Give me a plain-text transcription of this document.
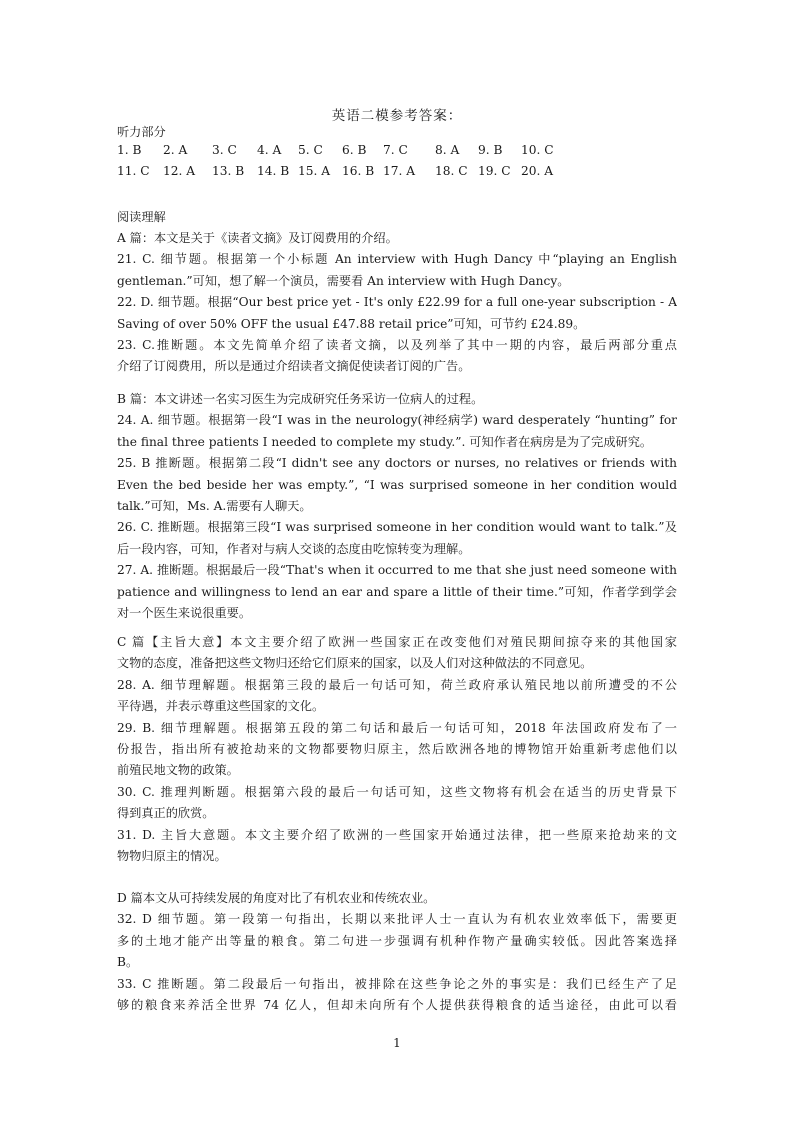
英语二模参考答案：
听力部分
1. B 2. A 3. C 4. A 5. C 6. B 7. C 8. A 9. B 10. C
11. C 12. A 13. B 14. B 15. A 16. B 17. A 18. C 19. C 20. A
阅读理解
A 篇：本文是关于《读者文摘》及订阅费用的介绍。
21. C. 细节题。根据第一个小标题 An interview with Hugh Dancy 中“playing an English
gentleman.”可知，想了解一个演员，需要看 An interview with Hugh Dancy。
22. D. 细节题。根据“Our best price yet - It's only £22.99 for a full one-year subscription - A
Saving of over 50% OFF the usual £47.88 retail price”可知，可节约 £24.89。
23. C.推断题。本文先简单介绍了读者文摘，以及列举了其中一期的内容，最后两部分重点
介绍了订阅费用，所以是通过介绍读者文摘促使读者订阅的广告。
B 篇：本文讲述一名实习医生为完成研究任务采访一位病人的过程。
24. A. 细节题。根据第一段“I was in the neurology(神经病学) ward desperately “hunting” for
the final three patients I needed to complete my study.”. 可知作者在病房是为了完成研究。
25. B 推断题。根据第二段“I didn't see any doctors or nurses, no relatives or friends with
Even the bed beside her was empty.”, “I was surprised someone in her condition would
talk.”可知，Ms. A.需要有人聊天。
26. C. 推断题。根据第三段“I was surprised someone in her condition would want to talk.”及
后一段内容，可知，作者对与病人交谈的态度由吃惊转变为理解。
27. A. 推断题。根据最后一段“That's when it occurred to me that she just need someone with
patience and willingness to lend an ear and spare a little of their time.”可知，作者学到学会
对一个医生来说很重要。
C 篇【主旨大意】本文主要介绍了欧洲一些国家正在改变他们对殖民期间掠夺来的其他国家
文物的态度，准备把这些文物归还给它们原来的国家，以及人们对这种做法的不同意见。
28. A. 细节理解题。根据第三段的最后一句话可知，荷兰政府承认殖民地以前所遭受的不公
平待遇，并表示尊重这些国家的文化。
29. B. 细节理解题。根据第五段的第二句话和最后一句话可知，2018 年法国政府发布了一
份报告，指出所有被抢劫来的文物都要物归原主，然后欧洲各地的博物馆开始重新考虑他们以
前殖民地文物的政策。
30. C. 推理判断题。根据第六段的最后一句话可知，这些文物将有机会在适当的历史背景下
得到真正的欣赏。
31. D. 主旨大意题。本文主要介绍了欧洲的一些国家开始通过法律，把一些原来抢劫来的文
物物归原主的情况。
D 篇本文从可持续发展的角度对比了有机农业和传统农业。
32. D 细节题。第一段第一句指出，长期以来批评人士一直认为有机农业效率低下，需要更
多的土地才能产出等量的粮食。第二句进一步强调有机种作物产量确实较低。因此答案选择
B。
33. C 推断题。第二段最后一句指出，被排除在这些争论之外的事实是：我们已经生产了足
够的粮食来养活全世界 74 亿人，但却未向所有个人提供获得粮食的适当途径，由此可以看
1
